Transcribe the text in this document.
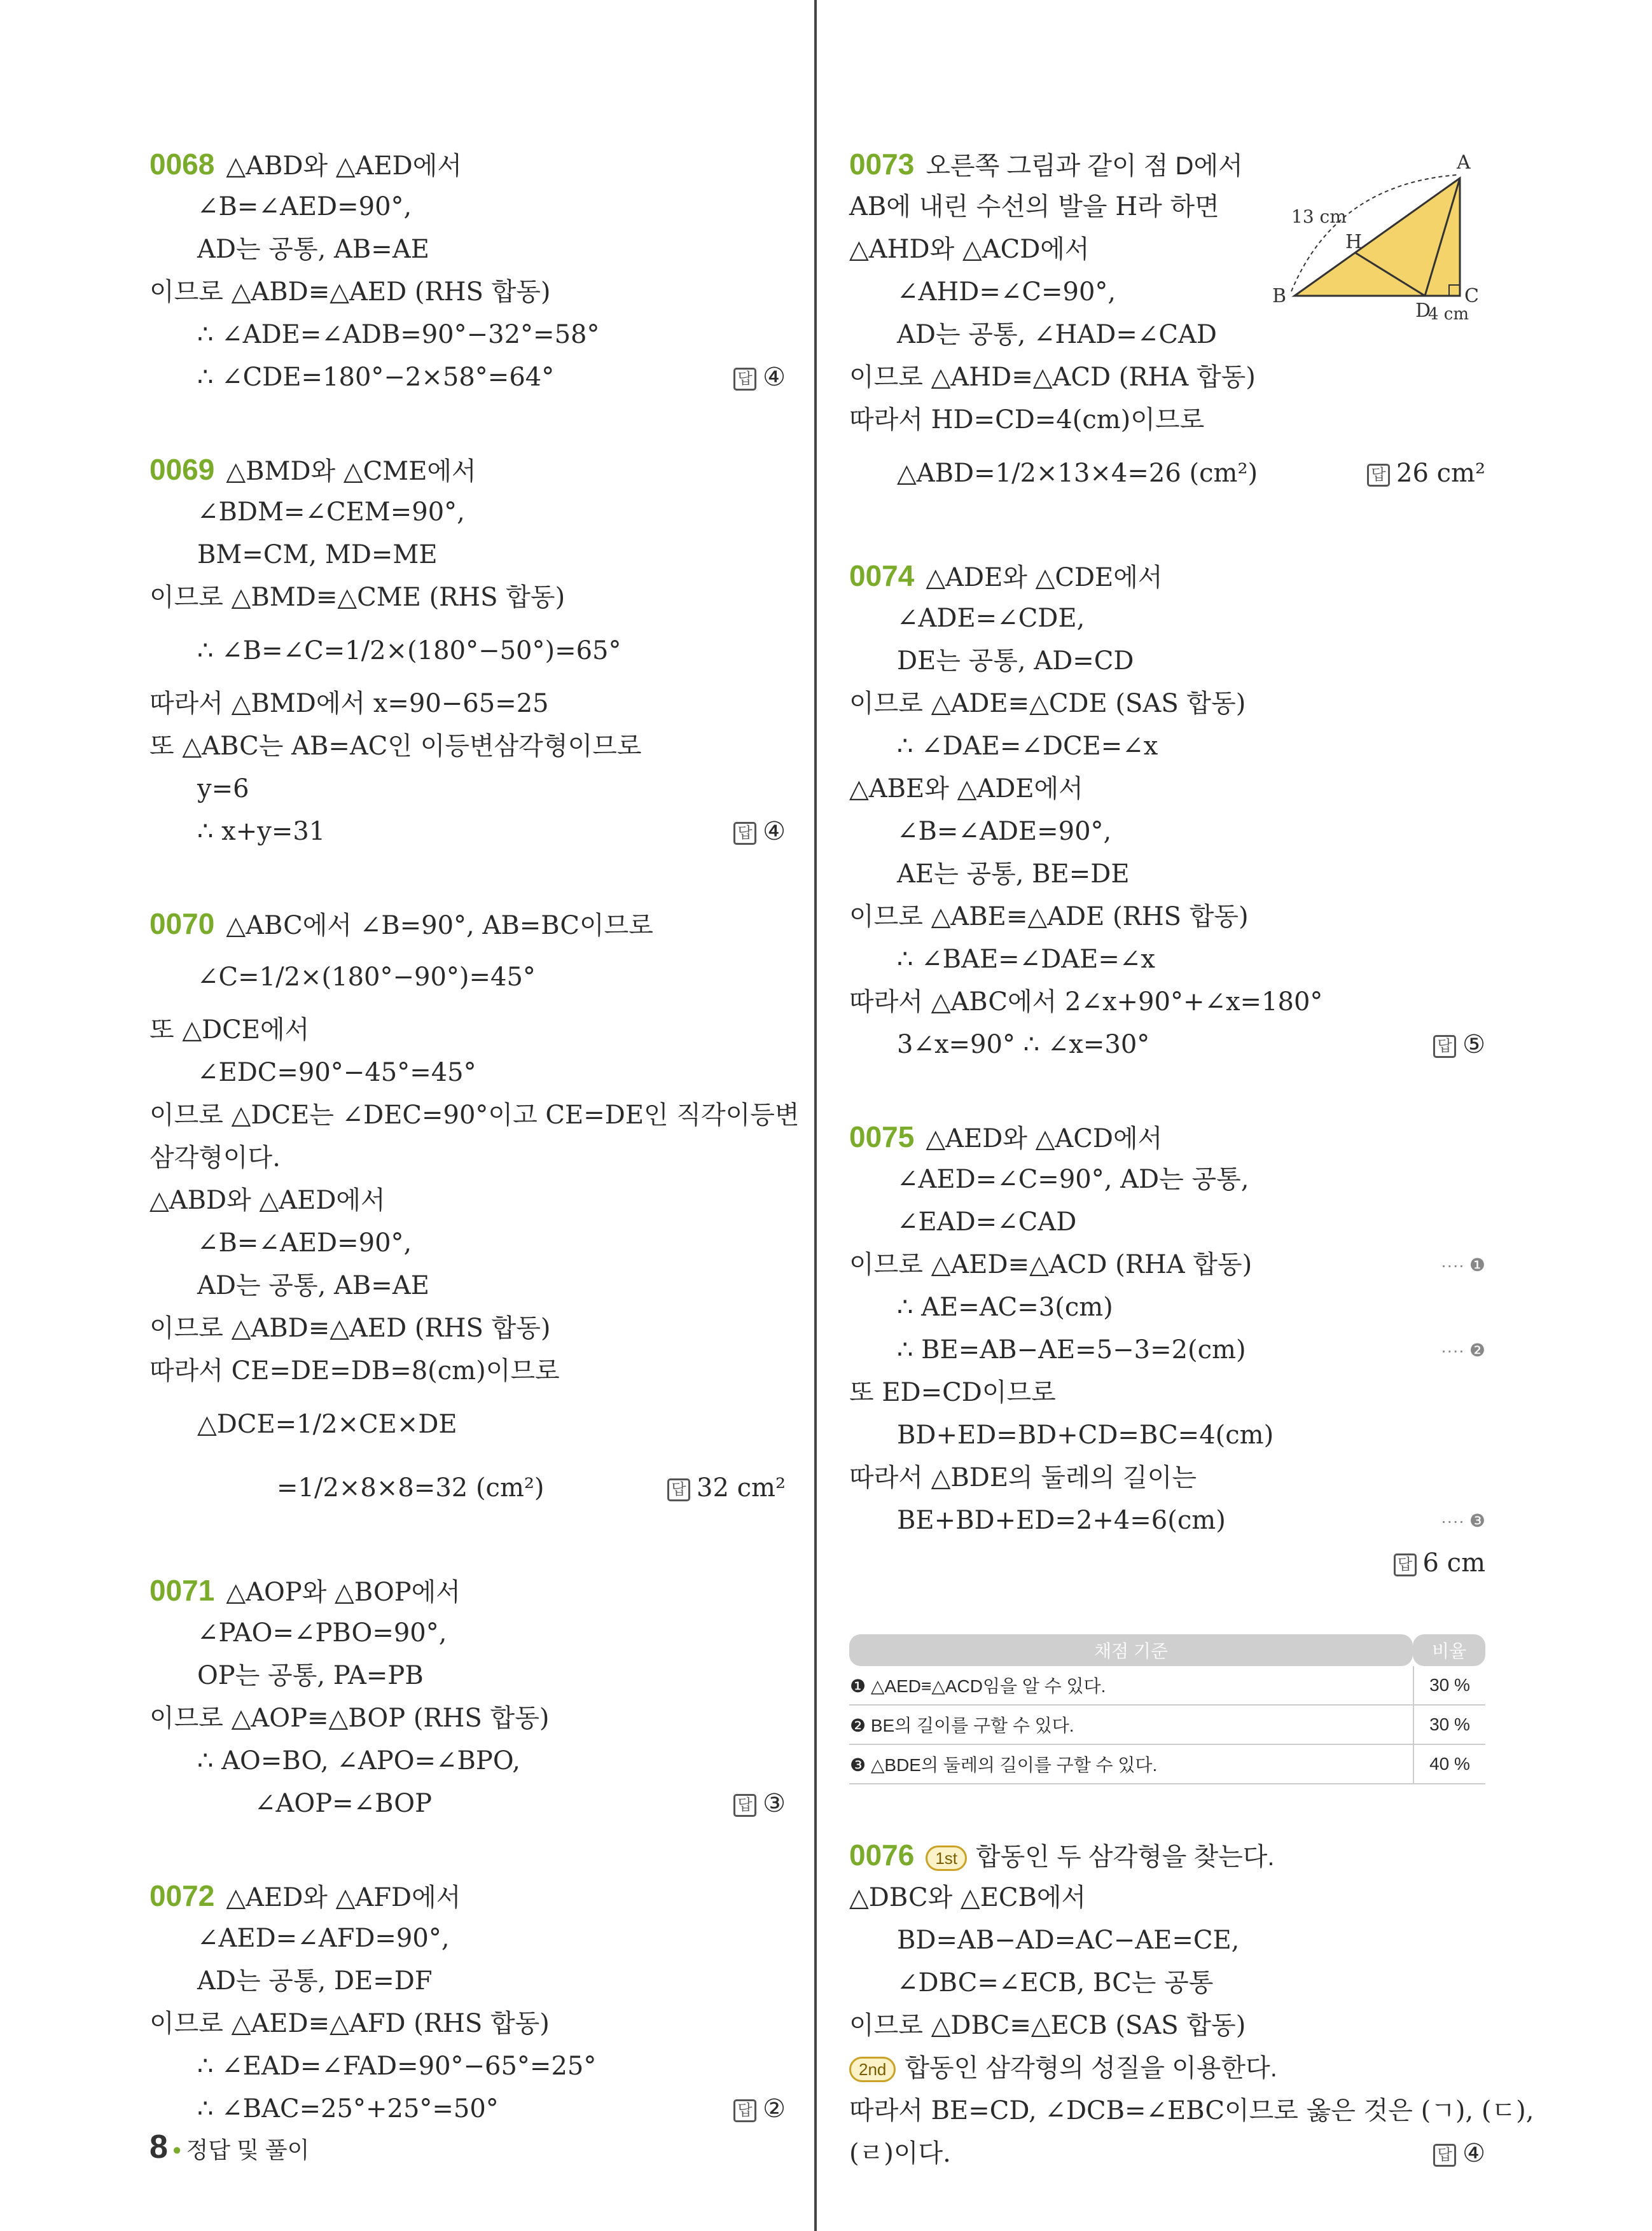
0068 △ABD와 △AED에서
∠B=∠AED=90°,
AD는 공통, AB=AE
이므로 △ABD≡△AED (RHS 합동)
∴ ∠ADE=∠ADB=90°−32°=58°
∴ ∠CDE=180°−2×58°=64°	답 ④
0069 △BMD와 △CME에서
∠BDM=∠CEM=90°,
BM=CM, MD=ME
이므로 △BMD≡△CME (RHS 합동)
∴ ∠B=∠C=1/2×(180°−50°)=65°
따라서 △BMD에서 x=90−65=25
또 △ABC는 AB=AC인 이등변삼각형이므로
y=6
∴ x+y=31	답 ④
0070 △ABC에서 ∠B=90°, AB=BC이므로
∠C=1/2×(180°−90°)=45°
또 △DCE에서
∠EDC=90°−45°=45°
이므로 △DCE는 ∠DEC=90°이고 CE=DE인 직각이등변
삼각형이다.
△ABD와 △AED에서
∠B=∠AED=90°,
AD는 공통, AB=AE
이므로 △ABD≡△AED (RHS 합동)
따라서 CE=DE=DB=8(cm)이므로
△DCE=1/2×CE×DE
=1/2×8×8=32 (cm²)	답 32 cm²
0071 △AOP와 △BOP에서
∠PAO=∠PBO=90°,
OP는 공통, PA=PB
이므로 △AOP≡△BOP (RHS 합동)
∴ AO=BO, ∠APO=∠BPO,
∠AOP=∠BOP	답 ③
0072 △AED와 △AFD에서
∠AED=∠AFD=90°,
AD는 공통, DE=DF
이므로 △AED≡△AFD (RHS 합동)
∴ ∠EAD=∠FAD=90°−65°=25°
∴ ∠BAC=25°+25°=50°	답 ②
0073 오른쪽 그림과 같이 점 D에서
AB에 내린 수선의 발을 H라 하면
△AHD와 △ACD에서
∠AHD=∠C=90°,
AD는 공통, ∠HAD=∠CAD
이므로 △AHD≡△ACD (RHA 합동)
따라서 HD=CD=4(cm)이므로
△ABD=1/2×13×4=26 (cm²)	답 26 cm²
0074 △ADE와 △CDE에서
∠ADE=∠CDE,
DE는 공통, AD=CD
이므로 △ADE≡△CDE (SAS 합동)
∴ ∠DAE=∠DCE=∠x
△ABE와 △ADE에서
∠B=∠ADE=90°,
AE는 공통, BE=DE
이므로 △ABE≡△ADE (RHS 합동)
∴ ∠BAE=∠DAE=∠x
따라서 △ABC에서 2∠x+90°+∠x=180°
3∠x=90° ∴ ∠x=30°	답 ⑤
0075 △AED와 △ACD에서
∠AED=∠C=90°, AD는 공통,
∠EAD=∠CAD
이므로 △AED≡△ACD (RHA 합동)	···· ❶
∴ AE=AC=3(cm)
∴ BE=AB−AE=5−3=2(cm)	···· ❷
또 ED=CD이므로
BD+ED=BD+CD=BC=4(cm)
따라서 △BDE의 둘레의 길이는
BE+BD+ED=2+4=6(cm)	···· ❸
답 6 cm
채점 기준	비율
❶ △AED≡△ACD임을 알 수 있다.	30 %
❷ BE의 길이를 구할 수 있다.	30 %
❸ △BDE의 둘레의 길이를 구할 수 있다.	40 %
0076 1st 합동인 두 삼각형을 찾는다.
△DBC와 △ECB에서
BD=AB−AD=AC−AE=CE,
∠DBC=∠ECB, BC는 공통
이므로 △DBC≡△ECB (SAS 합동)
2nd 합동인 삼각형의 성질을 이용한다.
따라서 BE=CD, ∠DCB=∠EBC이므로 옳은 것은 (ㄱ), (ㄷ),
(ㄹ)이다.	답 ④
A
B	C
D
H
13 cm
4 cm
8 • 정답 및 풀이
